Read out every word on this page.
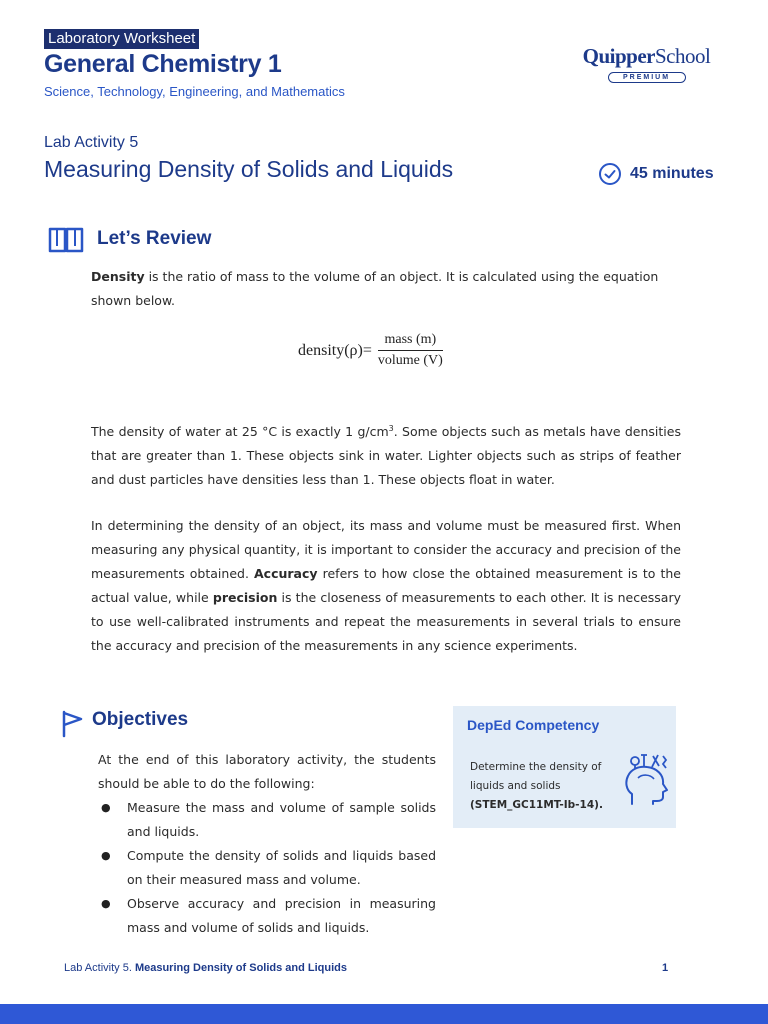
Laboratory Worksheet
General Chemistry 1
Science, Technology, Engineering, and Mathematics
QuipperSchool
PREMIUM
Lab Activity 5
Measuring Density of Solids and Liquids	45 minutes
Let’s Review
Density is the ratio of mass to the volume of an object. It is calculated using the equation shown below.
density(ρ)= $\frac{\text{mass (m)}}{\text{volume (V)}}$
The density of water at 25 °C is exactly 1 $g/cm^3$. Some objects such as metals have densities that are greater than 1. These objects sink in water. Lighter objects such as strips of feather and dust particles have densities less than 1. These objects float in water.
In determining the density of an object, its mass and volume must be measured first. When measuring any physical quantity, it is important to consider the accuracy and precision of the measurements obtained. Accuracy refers to how close the obtained measurement is to the actual value, while precision is the closeness of measurements to each other. It is necessary to use well-calibrated instruments and repeat the measurements in several trials to ensure the accuracy and precision of the measurements in any science experiments.
Objectives
At the end of this laboratory activity, the students should be able to do the following:
● Measure the mass and volume of sample solids and liquids.
● Compute the density of solids and liquids based on their measured mass and volume.
● Observe accuracy and precision in measuring mass and volume of solids and liquids.
DepEd Competency
Determine the density of liquids and solids
(STEM_GC11MT-Ib-14).
Lab Activity 5. Measuring Density of Solids and Liquids	1
